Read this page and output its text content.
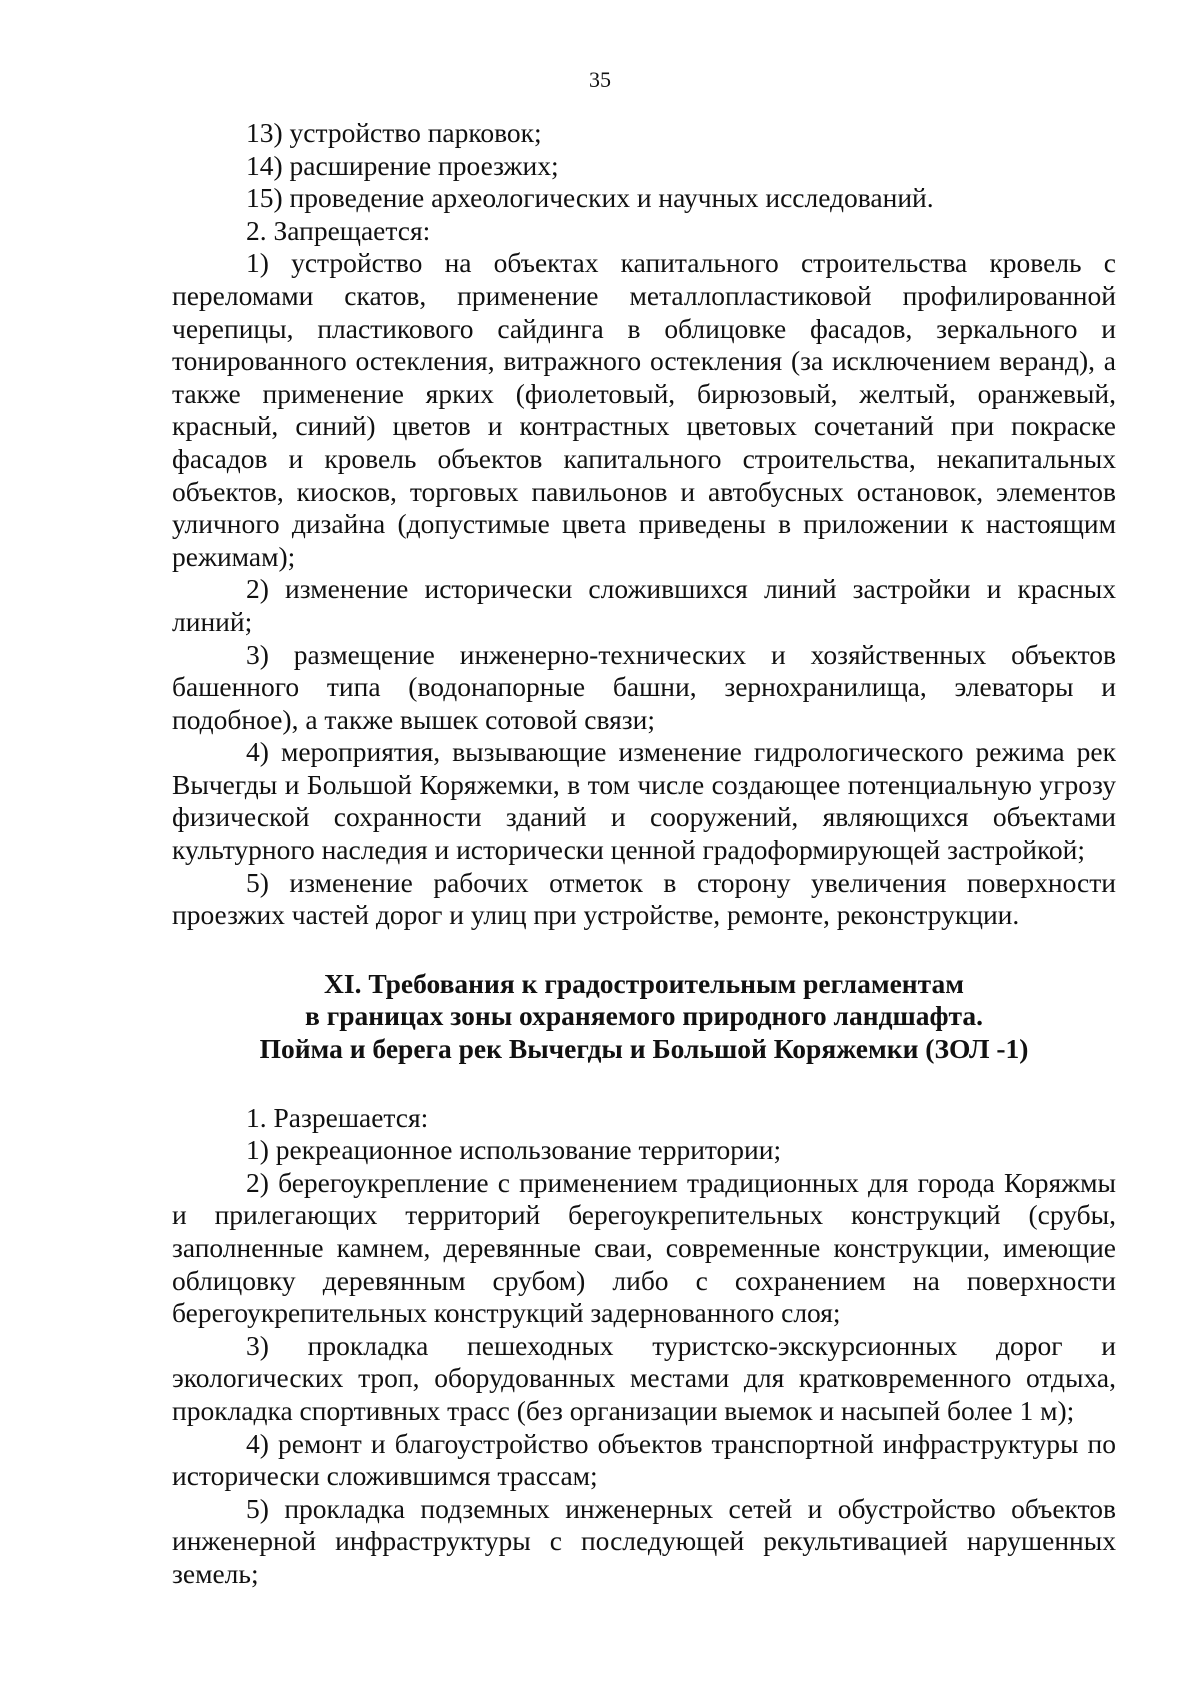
35

13) устройство парковок;

14) расширение проезжих;

15) проведение археологических и научных исследований.

2. Запрещается:

1) устройство на объектах капитального строительства кровель с переломами скатов, применение металлопластиковой профилированной черепицы, пластикового сайдинга в облицовке фасадов, зеркального и тонированного остекления, витражного остекления (за исключением веранд), а также применение ярких (фиолетовый, бирюзовый, желтый, оранжевый, красный, синий) цветов и контрастных цветовых сочетаний при покраске фасадов и кровель объектов капитального строительства, некапитальных объектов, киосков, торговых павильонов и автобусных остановок, элементов уличного дизайна (допустимые цвета приведены в приложении к настоящим режимам);

2) изменение исторически сложившихся линий застройки и красных линий;

3) размещение инженерно-технических и хозяйственных объектов башенного типа (водонапорные башни, зернохранилища, элеваторы и подобное), а также вышек сотовой связи;

4) мероприятия, вызывающие изменение гидрологического режима рек Вычегды и Большой Коряжемки, в том числе создающее потенциальную угрозу физической сохранности зданий и сооружений, являющихся объектами культурного наследия и исторически ценной градоформирующей застройкой;

5) изменение рабочих отметок в сторону увеличения поверхности проезжих частей дорог и улиц при устройстве, ремонте, реконструкции.

XI. Требования к градостроительным регламентам

в границах зоны охраняемого природного ландшафта.

Пойма и берега рек Вычегды и Большой Коряжемки (ЗОЛ -1)

1. Разрешается:

1) рекреационное использование территории;

2) берегоукрепление с применением традиционных для города Коряжмы и прилегающих территорий берегоукрепительных конструкций (срубы, заполненные камнем, деревянные сваи, современные конструкции, имеющие облицовку деревянным срубом) либо с сохранением на поверхности берегоукрепительных конструкций задернованного слоя;

3) прокладка пешеходных туристско-экскурсионных дорог и экологических троп, оборудованных местами для кратковременного отдыха, прокладка спортивных трасс (без организации выемок и насыпей более 1 м);

4) ремонт и благоустройство объектов транспортной инфраструктуры по исторически сложившимся трассам;

5) прокладка подземных инженерных сетей и обустройство объектов инженерной инфраструктуры с последующей рекультивацией нарушенных земель;
